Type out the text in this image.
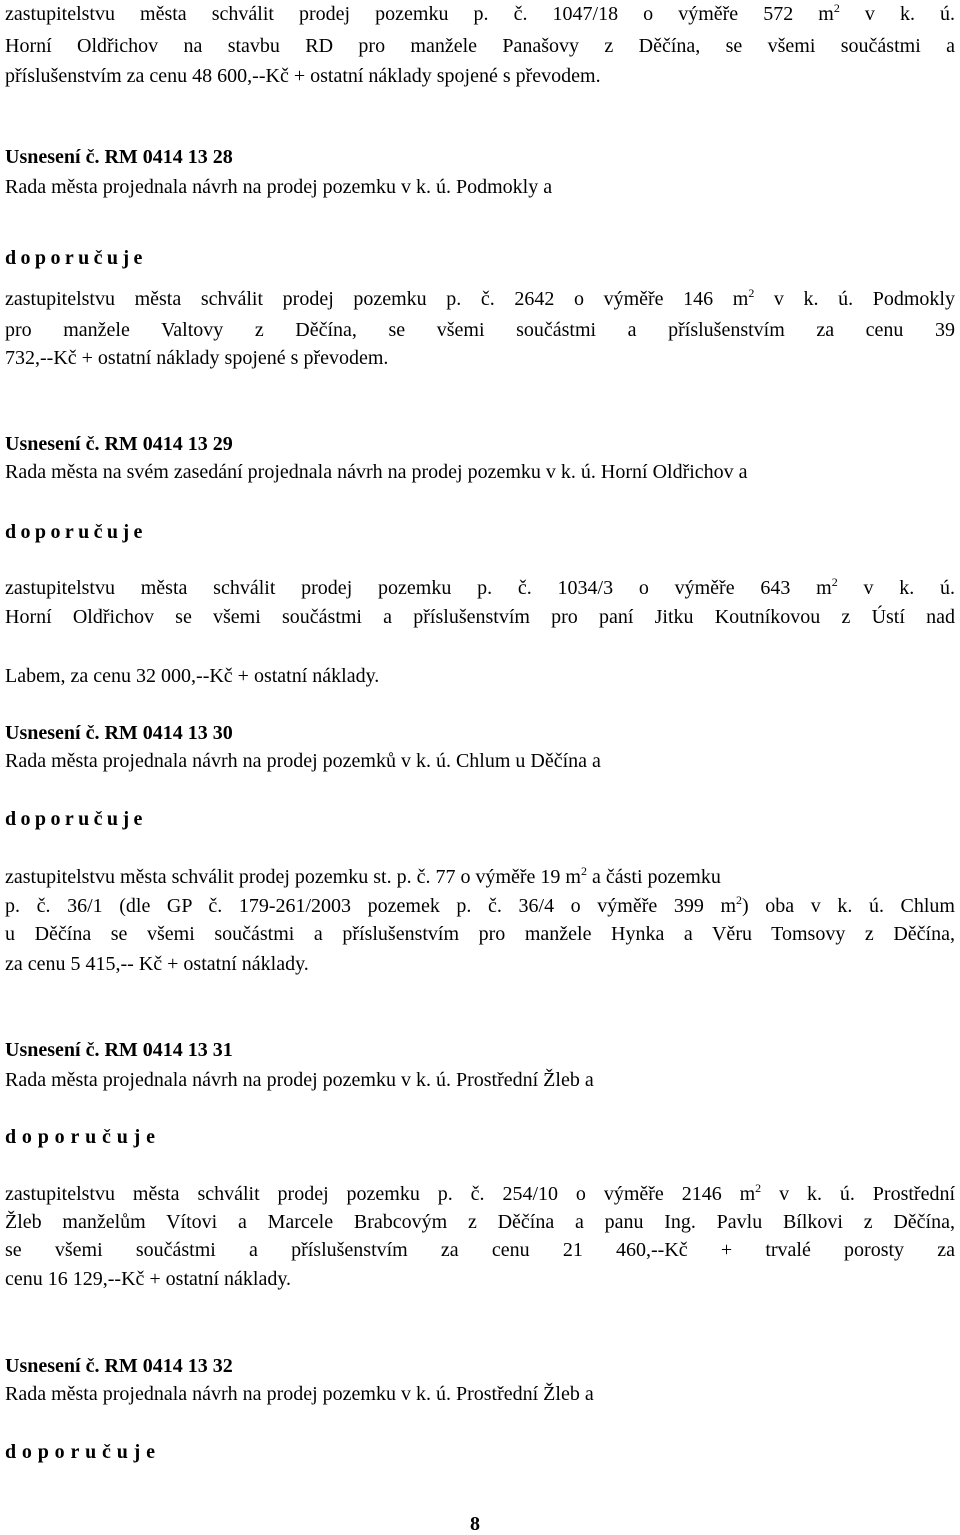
zastupitelstvu města schválit prodej pozemku p. č. 1047/18 o výměře 572 $m^2$ v k. ú.
Horní Oldřichov na stavbu RD pro manžele Panašovy z Děčína, se všemi součástmi a
příslušenstvím za cenu 48 600,--Kč + ostatní náklady spojené s převodem.
Usnesení č. RM 0414 13 28
Rada města projednala návrh na prodej pozemku v k. ú. Podmokly a
doporučuje
zastupitelstvu města schválit prodej pozemku p. č. 2642 o výměře 146 $m^2$ v k. ú. Podmokly
pro manžele Valtovy z Děčína, se všemi součástmi a příslušenstvím za cenu 39
732,--Kč + ostatní náklady spojené s převodem.
Usnesení č. RM 0414 13 29
Rada města na svém zasedání projednala návrh na prodej pozemku v k. ú. Horní Oldřichov a
doporučuje
zastupitelstvu města schválit prodej pozemku p. č. 1034/3 o výměře 643 $m^2$ v k. ú.
Horní Oldřichov se všemi součástmi a příslušenstvím pro paní Jitku Koutníkovou z Ústí nad
Labem, za cenu 32 000,--Kč + ostatní náklady.
Usnesení č. RM 0414 13 30
Rada města projednala návrh na prodej pozemků v k. ú. Chlum u Děčína a
doporučuje
zastupitelstvu města schválit prodej pozemku st. p. č. 77 o výměře 19 $m^2$ a části pozemku
p. č. 36/1 (dle GP č. 179-261/2003 pozemek p. č. 36/4 o výměře 399 $m^2$) oba v k. ú. Chlum
u Děčína se všemi součástmi a příslušenstvím pro manžele Hynka a Věru Tomsovy z Děčína,
za cenu 5 415,-- Kč + ostatní náklady.
Usnesení č. RM 0414 13 31
Rada města projednala návrh na prodej pozemku v k. ú. Prostřední Žleb a
doporučuje
zastupitelstvu města schválit prodej pozemku p. č. 254/10 o výměře 2146 $m^2$ v k. ú. Prostřední
Žleb manželům Vítovi a Marcele Brabcovým z Děčína a panu Ing. Pavlu Bílkovi z Děčína,
se všemi součástmi a příslušenstvím za cenu 21 460,--Kč + trvalé porosty za
cenu 16 129,--Kč + ostatní náklady.
Usnesení č. RM 0414 13 32
Rada města projednala návrh na prodej pozemku v k. ú. Prostřední Žleb a
doporučuje
8
